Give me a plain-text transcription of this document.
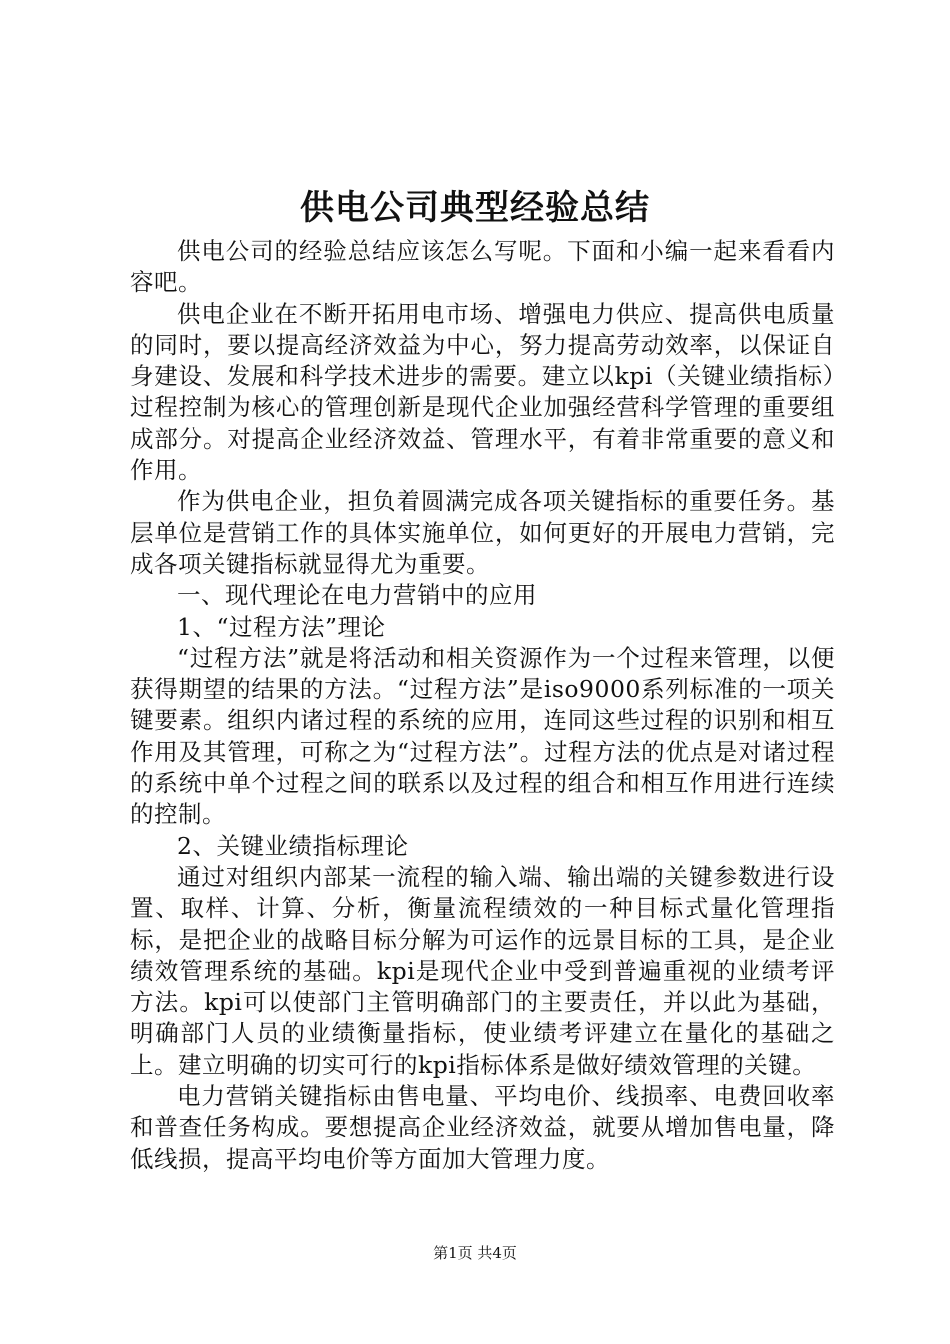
供电公司典型经验总结

供电公司的经验总结应该怎么写呢。下面和小编一起来看看内容吧。

供电企业在不断开拓用电市场、增强电力供应、提高供电质量的同时，要以提高经济效益为中心，努力提高劳动效率，以保证自身建设、发展和科学技术进步的需要。建立以kpi（关键业绩指标）过程控制为核心的管理创新是现代企业加强经营科学管理的重要组成部分。对提高企业经济效益、管理水平，有着非常重要的意义和作用。

作为供电企业，担负着圆满完成各项关键指标的重要任务。基层单位是营销工作的具体实施单位，如何更好的开展电力营销，完成各项关键指标就显得尤为重要。

一、现代理论在电力营销中的应用

1、“过程方法”理论

“过程方法”就是将活动和相关资源作为一个过程来管理，以便获得期望的结果的方法。“过程方法”是iso9000系列标准的一项关键要素。组织内诸过程的系统的应用，连同这些过程的识别和相互作用及其管理，可称之为“过程方法”。过程方法的优点是对诸过程的系统中单个过程之间的联系以及过程的组合和相互作用进行连续的控制。

2、关键业绩指标理论

通过对组织内部某一流程的输入端、输出端的关键参数进行设置、取样、计算、分析，衡量流程绩效的一种目标式量化管理指标，是把企业的战略目标分解为可运作的远景目标的工具，是企业绩效管理系统的基础。kpi是现代企业中受到普遍重视的业绩考评方法。kpi可以使部门主管明确部门的主要责任，并以此为基础，明确部门人员的业绩衡量指标，使业绩考评建立在量化的基础之上。建立明确的切实可行的kpi指标体系是做好绩效管理的关键。

电力营销关键指标由售电量、平均电价、线损率、电费回收率和普查任务构成。要想提高企业经济效益，就要从增加售电量，降低线损，提高平均电价等方面加大管理力度。

第1页 共4页
